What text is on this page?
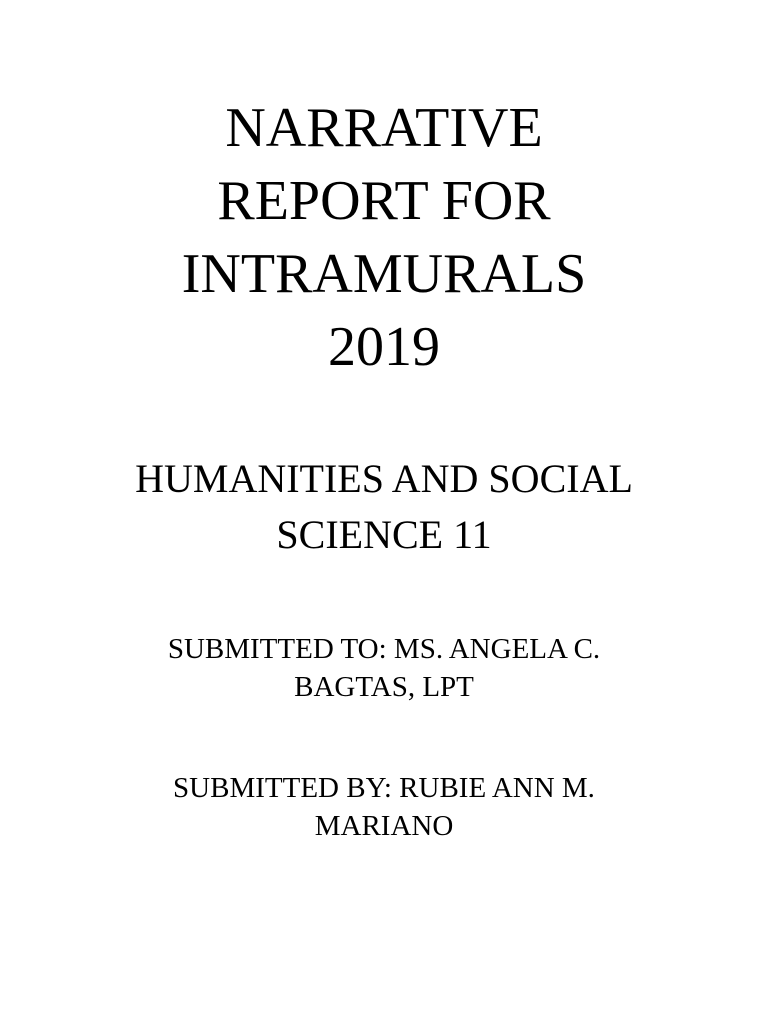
NARRATIVE
REPORT FOR
INTRAMURALS
2019
HUMANITIES AND SOCIAL
SCIENCE 11
SUBMITTED TO: MS. ANGELA C.
BAGTAS, LPT
SUBMITTED BY: RUBIE ANN M.
MARIANO
